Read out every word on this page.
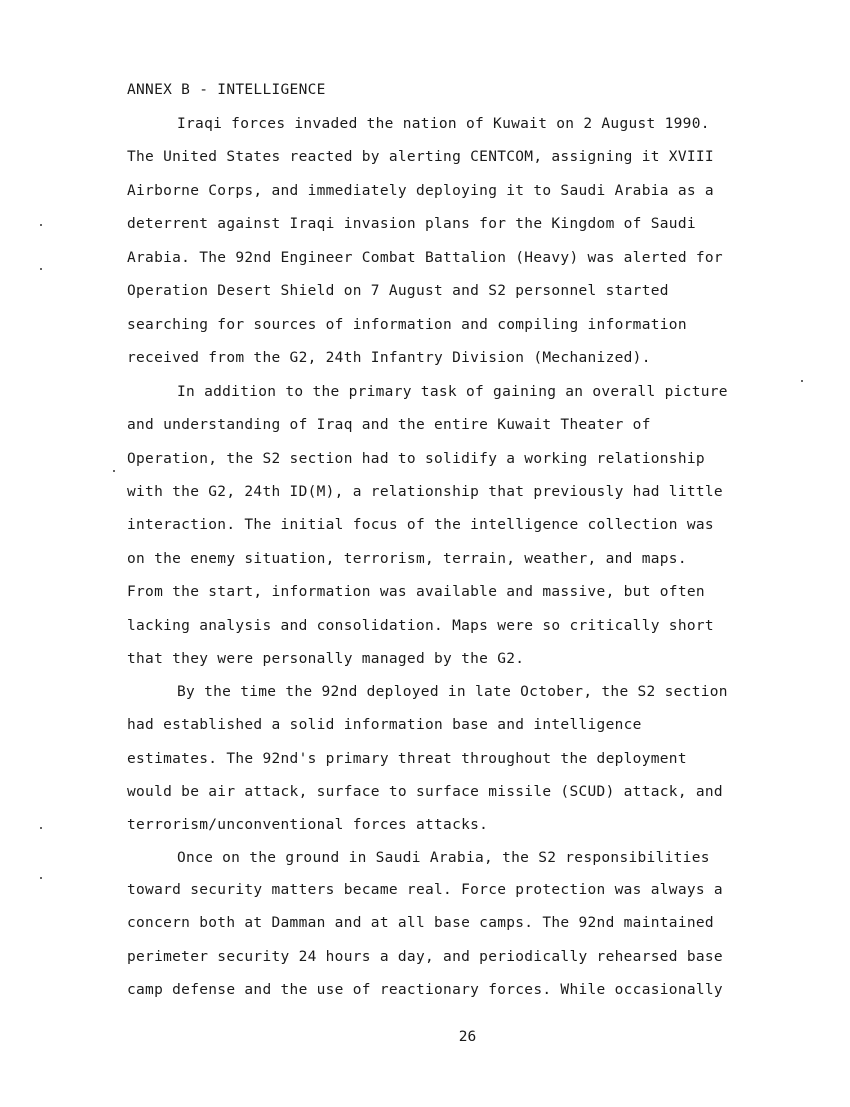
ANNEX B - INTELLIGENCE
Iraqi forces invaded the nation of Kuwait on 2 August 1990.
The United States reacted by alerting CENTCOM, assigning it XVIII
Airborne Corps, and immediately deploying it to Saudi Arabia as a
deterrent against Iraqi invasion plans for the Kingdom of Saudi
Arabia. The 92nd Engineer Combat Battalion (Heavy) was alerted for
Operation Desert Shield on 7 August and S2 personnel started
searching for sources of information and compiling information
received from the G2, 24th Infantry Division (Mechanized).
In addition to the primary task of gaining an overall picture
and understanding of Iraq and the entire Kuwait Theater of
Operation, the S2 section had to solidify a working relationship
with the G2, 24th ID(M), a relationship that previously had little
interaction. The initial focus of the intelligence collection was
on the enemy situation, terrorism, terrain, weather, and maps.
From the start, information was available and massive, but often
lacking analysis and consolidation. Maps were so critically short
that they were personally managed by the G2.
By the time the 92nd deployed in late October, the S2 section
had established a solid information base and intelligence
estimates. The 92nd's primary threat throughout the deployment
would be air attack, surface to surface missile (SCUD) attack, and
terrorism/unconventional forces attacks.
Once on the ground in Saudi Arabia, the S2 responsibilities
toward security matters became real. Force protection was always a
concern both at Damman and at all base camps. The 92nd maintained
perimeter security 24 hours a day, and periodically rehearsed base
camp defense and the use of reactionary forces. While occasionally
26
